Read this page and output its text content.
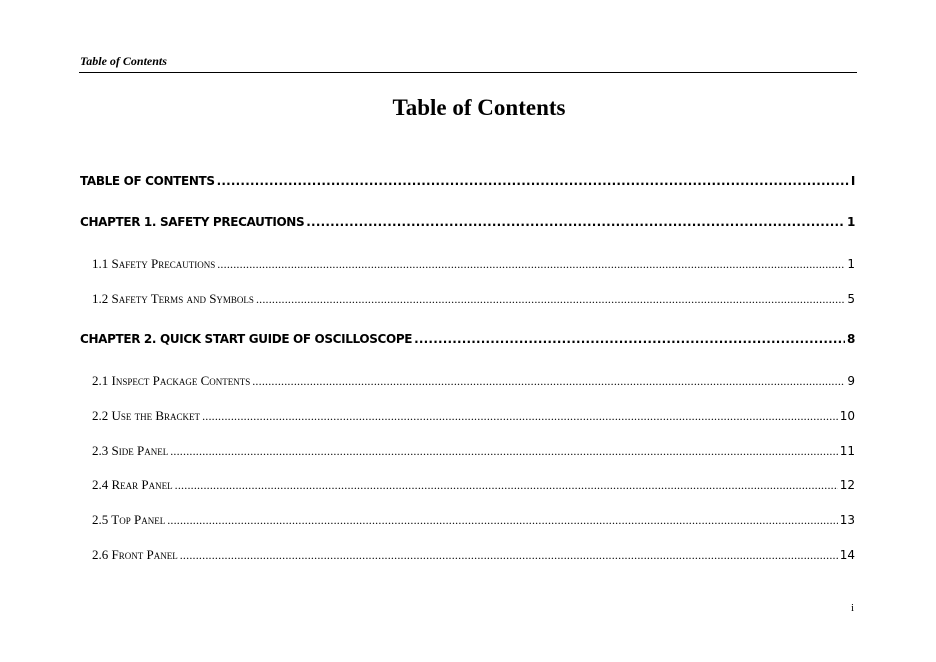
Table of Contents
Table of Contents
TABLE OF CONTENTS .....	I
CHAPTER 1. SAFETY PRECAUTIONS .....	1
1.1 Safety Precautions .....	1
1.2 Safety Terms and Symbols .....	5
CHAPTER 2. QUICK START GUIDE OF OSCILLOSCOPE .....	8
2.1 Inspect Package Contents .....	9
2.2 Use the Bracket .....	10
2.3 Side Panel .....	11
2.4 Rear Panel .....	12
2.5 Top Panel .....	13
2.6 Front Panel .....	14
i
